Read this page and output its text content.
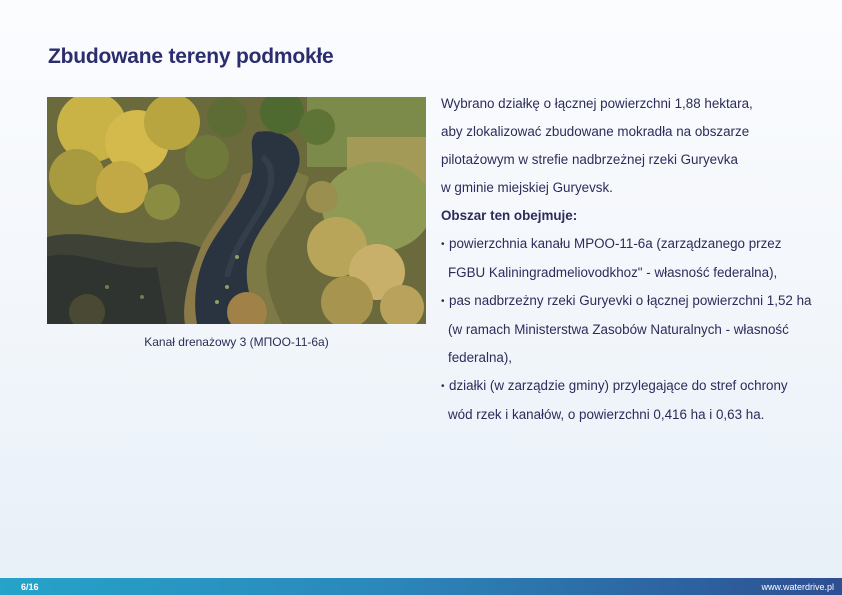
Zbudowane tereny podmokłe
Kanał drenażowy 3 (МПОО-11-6а)

Wybrano działkę o łącznej powierzchni 1,88 hektara,

aby zlokalizować zbudowane mokradła na obszarze

pilotażowym w strefie nadbrzeżnej rzeki Guryevka

w gminie miejskiej Guryevsk.

Obszar ten obejmuje:

• powierzchnia kanału MPOO-11-6a (zarządzanego przez
FGBU Kaliningradmeliovodkhoz" - własność federalna),
• pas nadbrzeżny rzeki Guryevki o łącznej powierzchni 1,52 ha
(w ramach Ministerstwa Zasobów Naturalnych - własność
federalna),
• działki (w zarządzie gminy) przylegające do stref ochrony
wód rzek i kanałów, o powierzchni 0,416 ha i 0,63 ha.
6/16	www.waterdrive.pl
